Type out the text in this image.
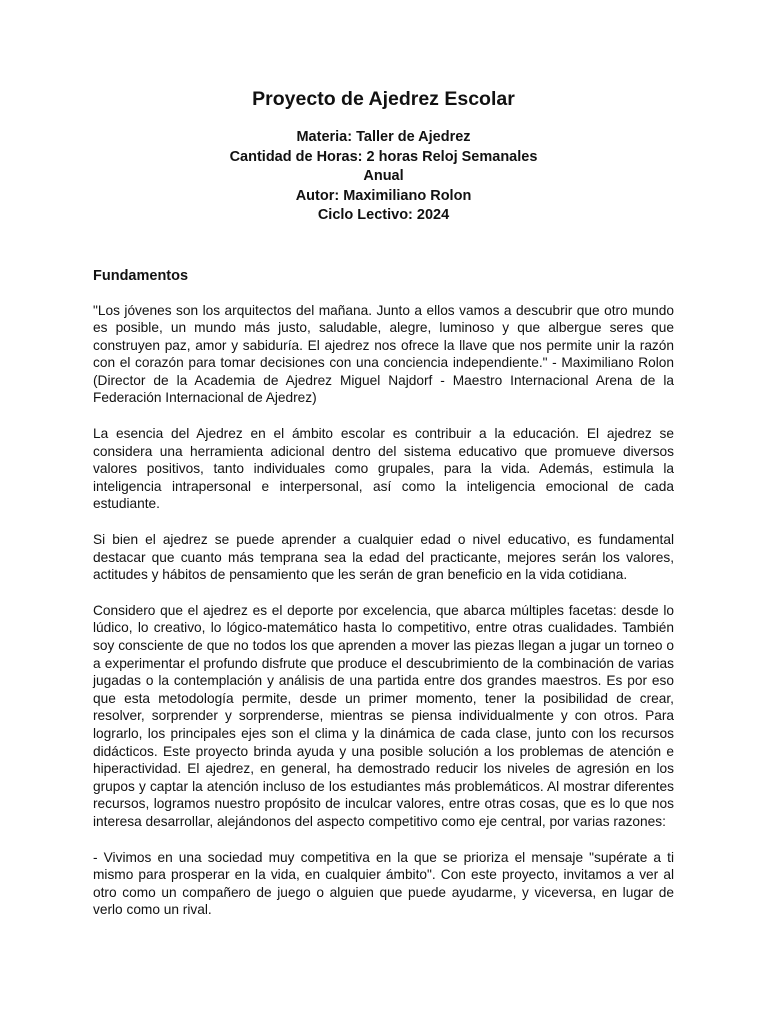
Proyecto de Ajedrez Escolar
Materia: Taller de Ajedrez
Cantidad de Horas: 2 horas Reloj Semanales
Anual
Autor: Maximiliano Rolon
Ciclo Lectivo: 2024
Fundamentos

"Los jóvenes son los arquitectos del mañana. Junto a ellos vamos a descubrir que otro mundo es posible, un mundo más justo, saludable, alegre, luminoso y que albergue seres que construyen paz, amor y sabiduría. El ajedrez nos ofrece la llave que nos permite unir la razón con el corazón para tomar decisiones con una conciencia independiente." - Maximiliano Rolon (Director de la Academia de Ajedrez Miguel Najdorf - Maestro Internacional Arena de la Federación Internacional de Ajedrez)

La esencia del Ajedrez en el ámbito escolar es contribuir a la educación. El ajedrez se considera una herramienta adicional dentro del sistema educativo que promueve diversos valores positivos, tanto individuales como grupales, para la vida. Además, estimula la inteligencia intrapersonal e interpersonal, así como la inteligencia emocional de cada estudiante.

Si bien el ajedrez se puede aprender a cualquier edad o nivel educativo, es fundamental destacar que cuanto más temprana sea la edad del practicante, mejores serán los valores, actitudes y hábitos de pensamiento que les serán de gran beneficio en la vida cotidiana.

Considero que el ajedrez es el deporte por excelencia, que abarca múltiples facetas: desde lo lúdico, lo creativo, lo lógico-matemático hasta lo competitivo, entre otras cualidades. También soy consciente de que no todos los que aprenden a mover las piezas llegan a jugar un torneo o a experimentar el profundo disfrute que produce el descubrimiento de la combinación de varias jugadas o la contemplación y análisis de una partida entre dos grandes maestros. Es por eso que esta metodología permite, desde un primer momento, tener la posibilidad de crear, resolver, sorprender y sorprenderse, mientras se piensa individualmente y con otros. Para lograrlo, los principales ejes son el clima y la dinámica de cada clase, junto con los recursos didácticos. Este proyecto brinda ayuda y una posible solución a los problemas de atención e hiperactividad. El ajedrez, en general, ha demostrado reducir los niveles de agresión en los grupos y captar la atención incluso de los estudiantes más problemáticos. Al mostrar diferentes recursos, logramos nuestro propósito de inculcar valores, entre otras cosas, que es lo que nos interesa desarrollar, alejándonos del aspecto competitivo como eje central, por varias razones:

- Vivimos en una sociedad muy competitiva en la que se prioriza el mensaje "supérate a ti mismo para prosperar en la vida, en cualquier ámbito". Con este proyecto, invitamos a ver al otro como un compañero de juego o alguien que puede ayudarme, y viceversa, en lugar de verlo como un rival.
